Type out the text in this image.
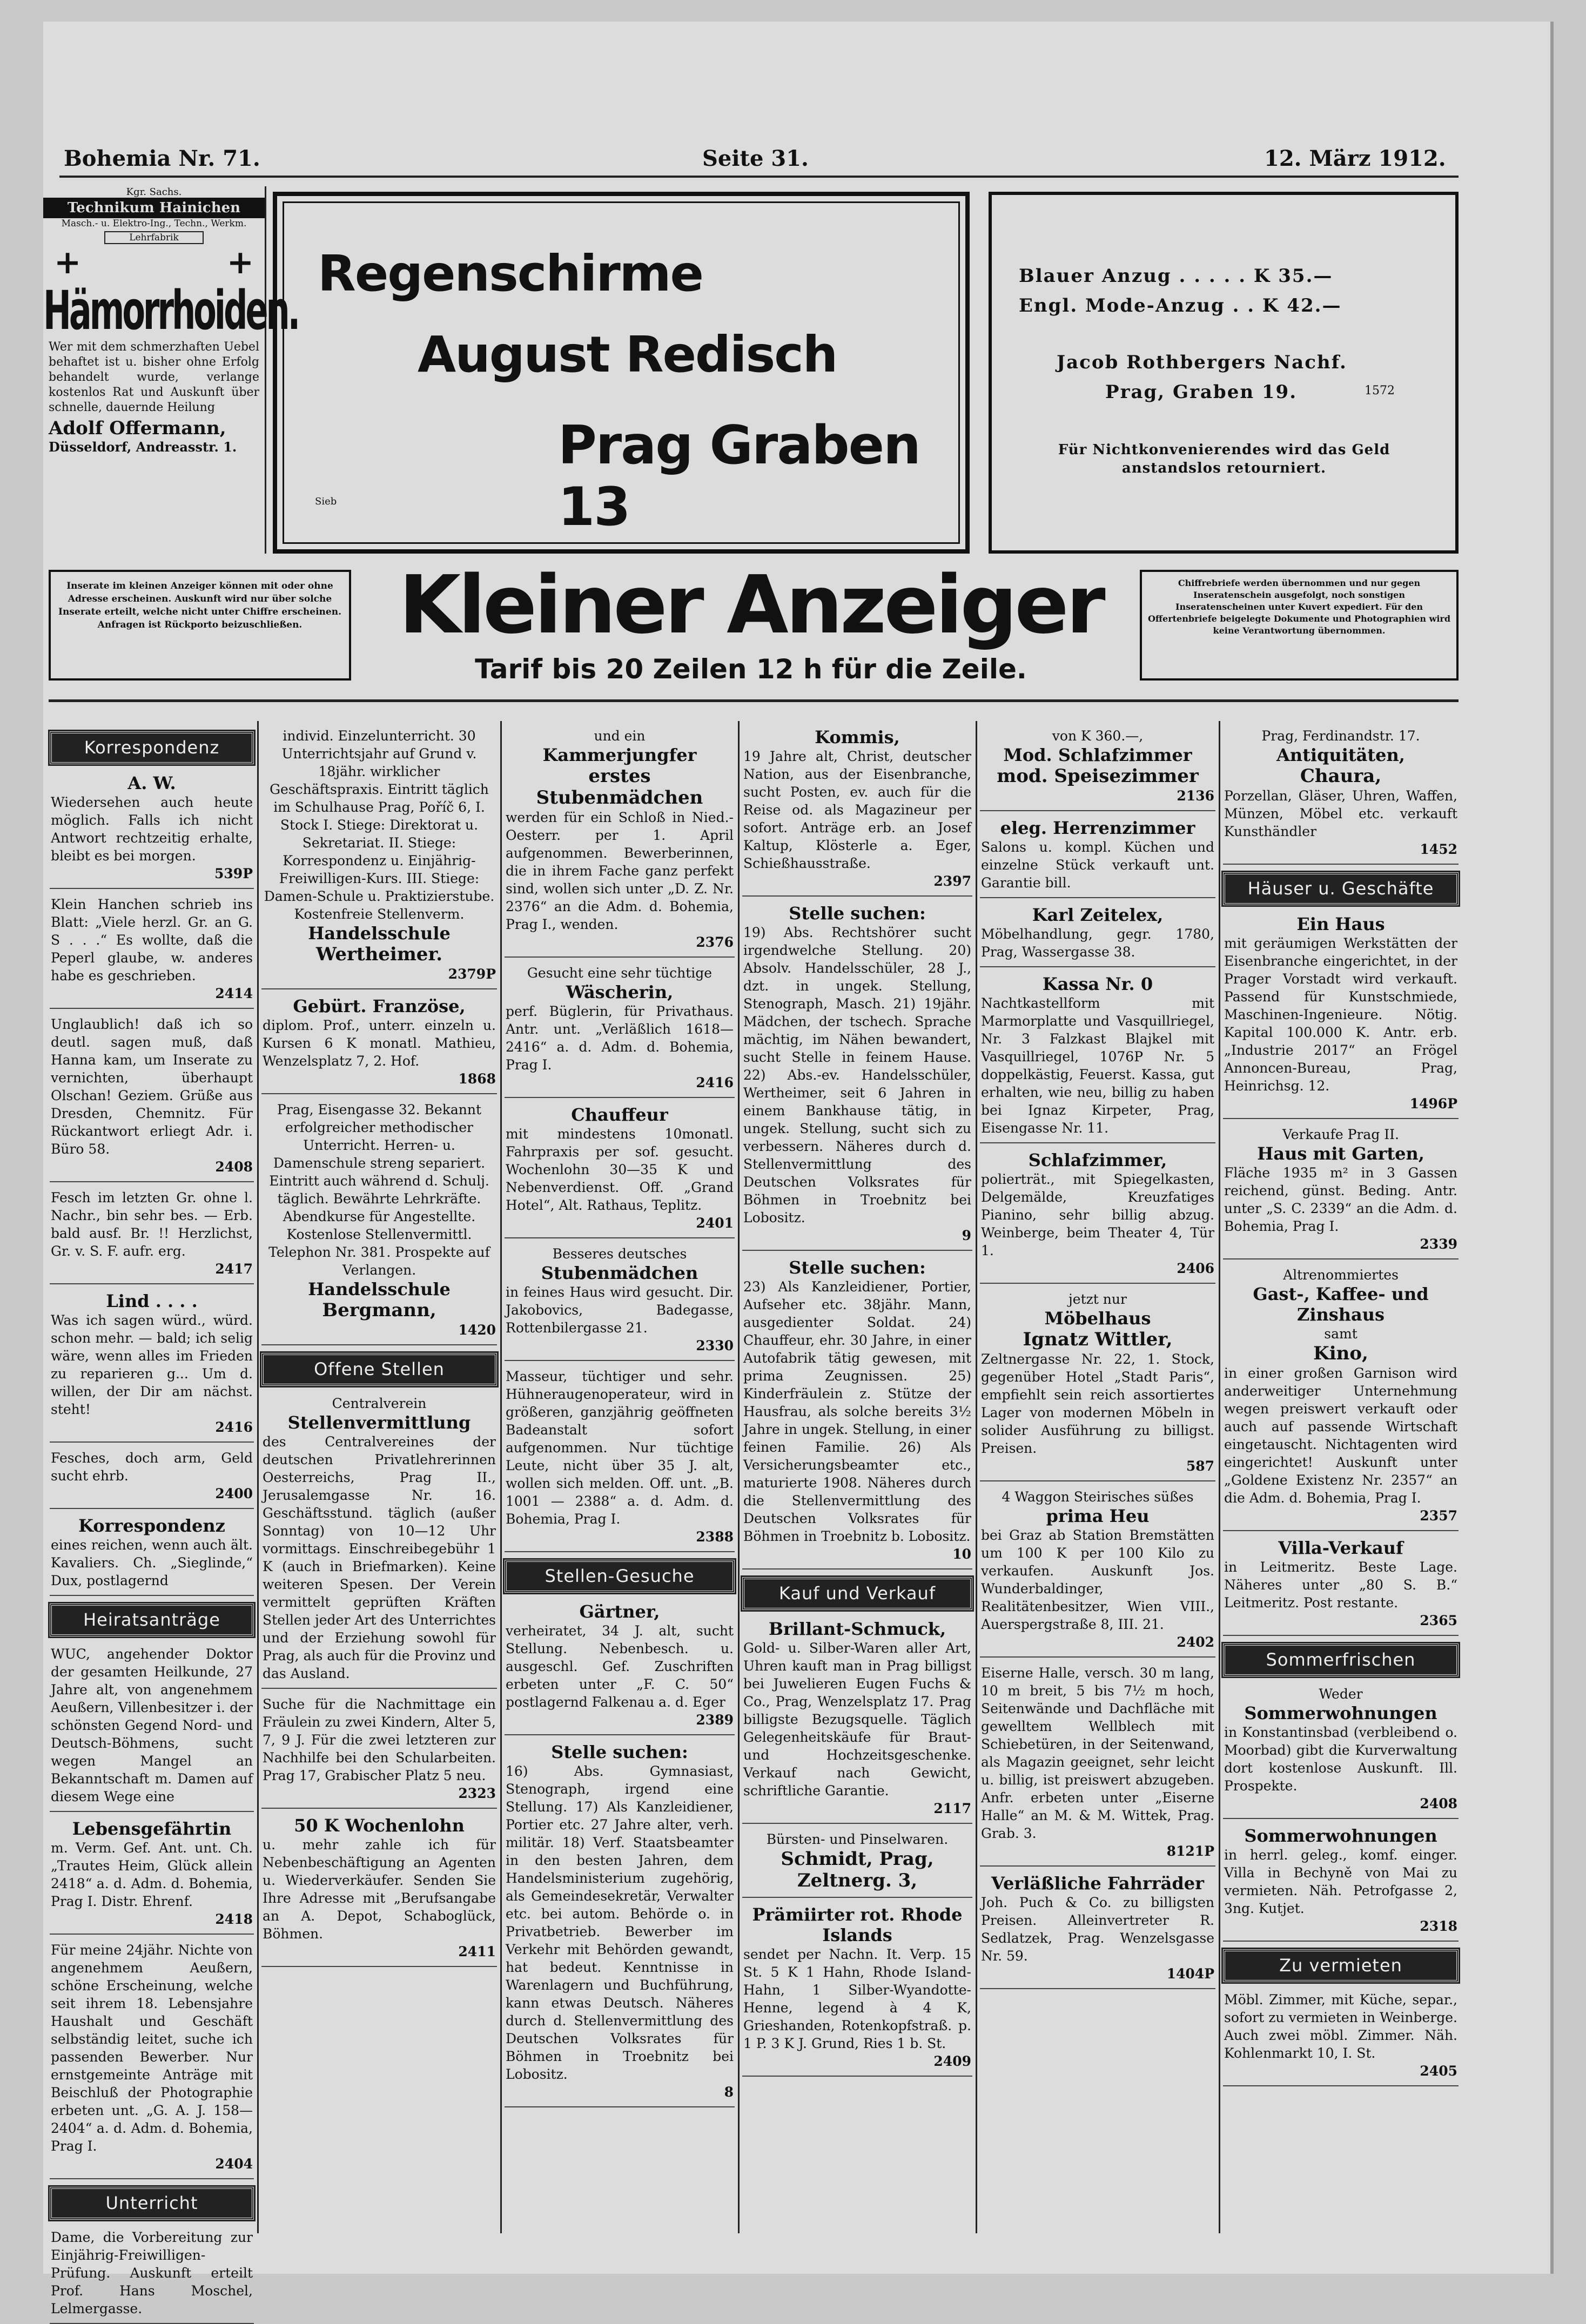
Bohemia Nr. 71.	Seite 31.	12. März 1912.
Kgr. Sachs.
Technikum Hainichen
Masch.- u. Elektro-Ing., Techn., Werkm.
Lehrfabrik
+	+
Hämorrhoiden.
Wer mit dem schmerzhaften Uebel behaftet ist u. bisher ohne Erfolg behandelt wurde, verlange kostenlos Rat und Auskunft über schnelle, dauernde Heilung
Adolf Offermann,
Düsseldorf, Andreasstr. 1.
Regenschirme
August Redisch
Prag Graben 13
Sieb
Blauer Anzug . . . . . K 35.—
Engl. Mode-Anzug . . K 42.—
Jacob Rothbergers Nachf.
Prag, Graben 19.	1572
Für Nichtkonvenierendes wird das Geld anstandslos retourniert.
Inserate im kleinen Anzeiger können mit oder ohne Adresse erscheinen. Auskunft wird nur über solche Inserate erteilt, welche nicht unter Chiffre erscheinen. Anfragen ist Rückporto beizuschließen.	Kleiner Anzeiger
Tarif bis 20 Zeilen 12 h für die Zeile.
Chiffrebriefe werden übernommen und nur gegen Inseratenschein ausgefolgt, noch sonstigen Inseratenscheinen unter Kuvert expediert. Für den Offertenbriefe beigelegte Dokumente und Photographien wird keine Verantwortung übernommen.
Korrespondenz
A. W.
Wiedersehen auch heute möglich. Falls ich nicht Antwort rechtzeitig erhalte, bleibt es bei morgen.
539P
Klein Hanchen schrieb ins Blatt: „Viele herzl. Gr. an G. S . . .“ Es wollte, daß die Peperl glaube, w. anderes habe es geschrieben.
2414
Unglaublich! daß ich so deutl. sagen muß, daß Hanna kam, um Inserate zu vernichten, überhaupt Olschan! Geziem. Grüße aus Dresden, Chemnitz. Für Rückantwort erliegt Adr. i. Büro 58.
2408
Fesch im letzten Gr. ohne l. Nachr., bin sehr bes. — Erb. bald ausf. Br. !! Herzlichst, Gr. v. S. F. aufr. erg.
2417
Lind . . . .
Was ich sagen würd., würd. schon mehr. — bald; ich selig wäre, wenn alles im Frieden zu reparieren g... Um d. willen, der Dir am nächst. steht!
2416
Fesches, doch arm, Geld sucht ehrb.
2400
Korrespondenz
eines reichen, wenn auch ält. Kavaliers. Ch. „Sieglinde,“ Dux, postlagernd
Heiratsanträge
WUC, angehender Doktor der gesamten Heilkunde, 27 Jahre alt, von angenehmem Aeußern, Villenbesitzer i. der schönsten Gegend Nord- und Deutsch-Böhmens, sucht wegen Mangel an Bekanntschaft m. Damen auf diesem Wege eine
Lebensgefährtin
m. Verm. Gef. Ant. unt. Ch. „Trautes Heim, Glück allein 2418“ a. d. Adm. d. Bohemia, Prag I. Distr. Ehrenf.
2418
Für meine 24jähr. Nichte von angenehmem Aeußern, schöne Erscheinung, welche seit ihrem 18. Lebensjahre Haushalt und Geschäft selbständig leitet, suche ich passenden Bewerber. Nur ernstgemeinte Anträge mit Beischluß der Photographie erbeten unt. „G. A. J. 158—2404“ a. d. Adm. d. Bohemia, Prag I.
2404
Unterricht
Dame, die Vorbereitung zur Einjährig-Freiwilligen-Prüfung. Auskunft erteilt Prof. Hans Moschel, Lelmergasse.
individ. Einzelunterricht. 30 Unterrichtsjahr auf Grund v. 18jähr. wirklicher Geschäftspraxis. Eintritt täglich im Schulhause Prag, Poříč 6, I. Stock I. Stiege: Direktorat u. Sekretariat. II. Stiege: Korrespondenz u. Einjährig-Freiwilligen-Kurs. III. Stiege: Damen-Schule u. Praktizierstube. Kostenfreie Stellenverm.
Handelsschule
Wertheimer.
2379P
Gebürt. Französe,
diplom. Prof., unterr. einzeln u. Kursen 6 K monatl. Mathieu, Wenzelsplatz 7, 2. Hof.
1868
Prag, Eisengasse 32. Bekannt erfolgreicher methodischer Unterricht. Herren- u. Damenschule streng separiert. Eintritt auch während d. Schulj. täglich. Bewährte Lehrkräfte. Abendkurse für Angestellte. Kostenlose Stellenvermittl. Telephon Nr. 381. Prospekte auf Verlangen.
Handelsschule
Bergmann,
1420
Offene Stellen
Centralverein
Stellenvermittlung
des Centralvereines der deutschen Privatlehrerinnen Oesterreichs, Prag II., Jerusalemgasse Nr. 16. Geschäftsstund. täglich (außer Sonntag) von 10—12 Uhr vormittags. Einschreibegebühr 1 K (auch in Briefmarken). Keine weiteren Spesen. Der Verein vermittelt geprüften Kräften Stellen jeder Art des Unterrichtes und der Erziehung sowohl für Prag, als auch für die Provinz und das Ausland.
Suche für die Nachmittage ein Fräulein zu zwei Kindern, Alter 5, 7, 9 J. Für die zwei letzteren zur Nachhilfe bei den Schularbeiten. Prag 17, Grabischer Platz 5 neu.
2323
50 K Wochenlohn
u. mehr zahle ich für Nebenbeschäftigung an Agenten u. Wiederverkäufer. Senden Sie Ihre Adresse mit „Berufsangabe an A. Depot, Schaboglück, Böhmen.
2411
und ein
Kammerjungfer
erstes Stubenmädchen
werden für ein Schloß in Nied.-Oesterr. per 1. April aufgenommen. Bewerberinnen, die in ihrem Fache ganz perfekt sind, wollen sich unter „D. Z. Nr. 2376“ an die Adm. d. Bohemia, Prag I., wenden.
2376
Gesucht eine sehr tüchtige
Wäscherin,
perf. Büglerin, für Privathaus. Antr. unt. „Verläßlich 1618—2416“ a. d. Adm. d. Bohemia, Prag I.
2416
Chauffeur
mit mindestens 10monatl. Fahrpraxis per sof. gesucht. Wochenlohn 30—35 K und Nebenverdienst. Off. „Grand Hotel“, Alt. Rathaus, Teplitz.
2401
Besseres deutsches
Stubenmädchen
in feines Haus wird gesucht. Dir. Jakobovics, Badegasse, Rottenbilergasse 21.
2330
Masseur, tüchtiger und sehr. Hühneraugenoperateur, wird in größeren, ganzjährig geöffneten Badeanstalt sofort aufgenommen. Nur tüchtige Leute, nicht über 35 J. alt, wollen sich melden. Off. unt. „B. 1001 — 2388“ a. d. Adm. d. Bohemia, Prag I.
2388
Stellen-Gesuche
Gärtner,
verheiratet, 34 J. alt, sucht Stellung. Nebenbesch. u. ausgeschl. Gef. Zuschriften erbeten unter „F. C. 50“ postlagernd Falkenau a. d. Eger
2389
Stelle suchen:
16) Abs. Gymnasiast, Stenograph, irgend eine Stellung. 17) Als Kanzleidiener, Portier etc. 27 Jahre alter, verh. militär. 18) Verf. Staatsbeamter in den besten Jahren, dem Handelsministerium zugehörig, als Gemeindesekretär, Verwalter etc. bei autom. Behörde o. in Privatbetrieb. Bewerber im Verkehr mit Behörden gewandt, hat bedeut. Kenntnisse in Warenlagern und Buchführung, kann etwas Deutsch. Näheres durch d. Stellenvermittlung des Deutschen Volksrates für Böhmen in Troebnitz bei Lobositz.
8
Kommis,
19 Jahre alt, Christ, deutscher Nation, aus der Eisenbranche, sucht Posten, ev. auch für die Reise od. als Magazineur per sofort. Anträge erb. an Josef Kaltup, Klösterle a. Eger, Schießhausstraße.
2397
Stelle suchen:
19) Abs. Rechtshörer sucht irgendwelche Stellung. 20) Absolv. Handelsschüler, 28 J., dzt. in ungek. Stellung, Stenograph, Masch. 21) 19jähr. Mädchen, der tschech. Sprache mächtig, im Nähen bewandert, sucht Stelle in feinem Hause. 22) Abs.-ev. Handelsschüler, Wertheimer, seit 6 Jahren in einem Bankhause tätig, in ungek. Stellung, sucht sich zu verbessern. Näheres durch d. Stellenvermittlung des Deutschen Volksrates für Böhmen in Troebnitz bei Lobositz.
9
Stelle suchen:
23) Als Kanzleidiener, Portier, Aufseher etc. 38jähr. Mann, ausgedienter Soldat. 24) Chauffeur, ehr. 30 Jahre, in einer Autofabrik tätig gewesen, mit prima Zeugnissen. 25) Kinderfräulein z. Stütze der Hausfrau, als solche bereits 3½ Jahre in ungek. Stellung, in einer feinen Familie. 26) Als Versicherungsbeamter etc., maturierte 1908. Näheres durch die Stellenvermittlung des Deutschen Volksrates für Böhmen in Troebnitz b. Lobositz.
10
Kauf und Verkauf
Brillant-Schmuck,
Gold- u. Silber-Waren aller Art, Uhren kauft man in Prag billigst bei Juwelieren Eugen Fuchs & Co., Prag, Wenzelsplatz 17. Prag billigste Bezugsquelle. Täglich Gelegenheitskäufe für Braut- und Hochzeitsgeschenke. Verkauf nach Gewicht, schriftliche Garantie.
2117
Bürsten- und Pinselwaren.
Schmidt, Prag, Zeltnerg. 3,
Prämiirter rot. Rhode Islands
sendet per Nachn. It. Verp. 15 St. 5 K 1 Hahn, Rhode Island-Hahn, 1 Silber-Wyandotte-Henne, legend à 4 K, Grieshanden, Rotenkopfstraß. p. 1 P. 3 K J. Grund, Ries 1 b. St.
2409
von K 360.—,
Mod. Schlafzimmer
mod. Speisezimmer
2136
eleg. Herrenzimmer
Salons u. kompl. Küchen und einzelne Stück verkauft unt. Garantie bill.
Karl Zeitelex,
Möbelhandlung, gegr. 1780, Prag, Wassergasse 38.
Kassa Nr. 0
Nachtkastellform mit Marmorplatte und Vasquillriegel, Nr. 3 Falzkast Blajkel mit Vasquillriegel, 1076P Nr. 5 doppelkästig, Feuerst. Kassa, gut erhalten, wie neu, billig zu haben bei Ignaz Kirpeter, Prag, Eisengasse Nr. 11.
Schlafzimmer,
polierträt., mit Spiegelkasten, Delgemälde, Kreuzfatiges Pianino, sehr billig abzug. Weinberge, beim Theater 4, Tür 1.
2406
jetzt nur
Möbelhaus
Ignatz Wittler,
Zeltnergasse Nr. 22, 1. Stock, gegenüber Hotel „Stadt Paris“, empfiehlt sein reich assortiertes Lager von modernen Möbeln in solider Ausführung zu billigst. Preisen.
587
4 Waggon Steirisches süßes
prima Heu
bei Graz ab Station Bremstätten um 100 K per 100 Kilo zu verkaufen. Auskunft Jos. Wunderbaldinger, Realitätenbesitzer, Wien VIII., Auerspergstraße 8, III. 21.
2402
Eiserne Halle, versch. 30 m lang, 10 m breit, 5 bis 7½ m hoch, Seitenwände und Dachfläche mit gewelltem Wellblech mit Schiebetüren, in der Seitenwand, als Magazin geeignet, sehr leicht u. billig, ist preiswert abzugeben. Anfr. erbeten unter „Eiserne Halle“ an M. & M. Wittek, Prag. Grab. 3.
8121P
Verläßliche Fahrräder
Joh. Puch & Co. zu billigsten Preisen. Alleinvertreter R. Sedlatzek, Prag. Wenzelsgasse Nr. 59.
1404P
Prag, Ferdinandstr. 17.
Antiquitäten,
Chaura,
Porzellan, Gläser, Uhren, Waffen, Münzen, Möbel etc. verkauft Kunsthändler
1452
Häuser u. Geschäfte
Ein Haus
mit geräumigen Werkstätten der Eisenbranche eingerichtet, in der Prager Vorstadt wird verkauft. Passend für Kunstschmiede, Maschinen-Ingenieure. Nötig. Kapital 100.000 K. Antr. erb. „Industrie 2017“ an Frögel Annoncen-Bureau, Prag, Heinrichsg. 12.
1496P
Verkaufe Prag II.
Haus mit Garten,
Fläche 1935 m² in 3 Gassen reichend, günst. Beding. Antr. unter „S. C. 2339“ an die Adm. d. Bohemia, Prag I.
2339
Altrenommiertes
Gast-, Kaffee- und Zinshaus
samt
Kino,
in einer großen Garnison wird anderweitiger Unternehmung wegen preiswert verkauft oder auch auf passende Wirtschaft eingetauscht. Nichtagenten wird eingerichtet! Auskunft unter „Goldene Existenz Nr. 2357“ an die Adm. d. Bohemia, Prag I.
2357
Villa-Verkauf
in Leitmeritz. Beste Lage. Näheres unter „80 S. B.“ Leitmeritz. Post restante.
2365
Sommerfrischen
Weder
Sommerwohnungen
in Konstantinsbad (verbleibend o. Moorbad) gibt die Kurverwaltung dort kostenlose Auskunft. Ill. Prospekte.
2408
Sommerwohnungen
in herrl. geleg., komf. einger. Villa in Bechyně von Mai zu vermieten. Näh. Petrofgasse 2, 3ng. Kutjet.
2318
Zu vermieten
Möbl. Zimmer, mit Küche, separ., sofort zu vermieten in Weinberge. Auch zwei möbl. Zimmer. Näh. Kohlenmarkt 10, I. St.
2405
